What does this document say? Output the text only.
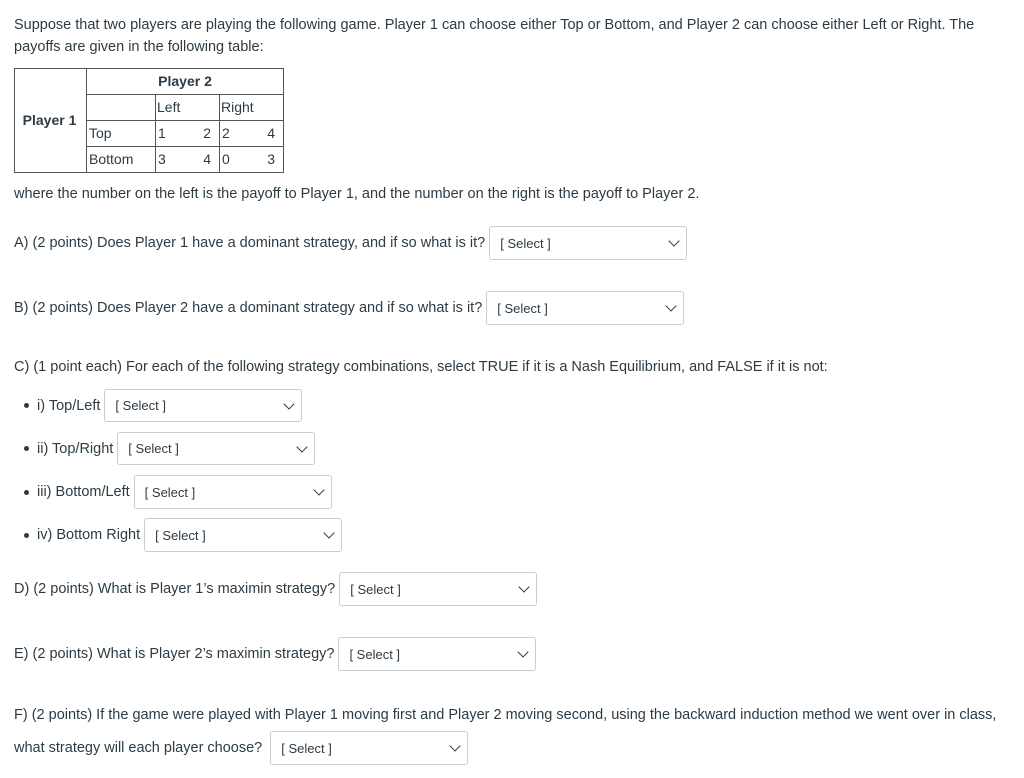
Suppose that two players are playing the following game. Player 1 can choose either Top or Bottom, and Player 2 can choose either Left or Right. The payoffs are given in the following table:
Player 1	Player 2		
		Left	Right
	Top	1 2	2 4

	Bottom	3 4	0 3
where the number on the left is the payoff to Player 1, and the number on the right is the payoff to Player 2.
A) (2 points) Does Player 1 have a dominant strategy, and if so what is it? [ Select ]
B) (2 points) Does Player 2 have a dominant strategy and if so what is it? [ Select ]
C) (1 point each) For each of the following strategy combinations, select TRUE if it is a Nash Equilibrium, and FALSE if it is not:
i) Top/Left [ Select ]
ii) Top/Right [ Select ]
iii) Bottom/Left [ Select ]
iv) Bottom Right [ Select ]
D) (2 points) What is Player 1’s maximin strategy? [ Select ]
E) (2 points) What is Player 2’s maximin strategy? [ Select ]
F) (2 points) If the game were played with Player 1 moving first and Player 2 moving second, using the backward induction method we went over in class, what strategy will each player choose? [ Select ]
